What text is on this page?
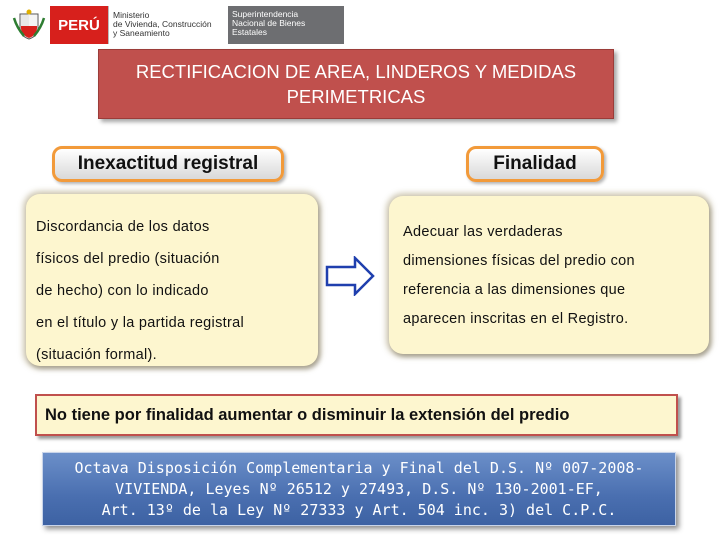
PERÚ
Ministerio
de Vivienda, Construcción
y Saneamiento
Superintendencia
Nacional de Bienes
Estatales
RECTIFICACION DE AREA, LINDEROS Y MEDIDAS
PERIMETRICAS
Inexactitud registral	Finalidad
Discordancia de los datos
físicos del predio (situación
de hecho) con lo indicado
en el título y la partida registral
(situación formal).
Adecuar las verdaderas
dimensiones físicas del predio con
referencia a las dimensiones que
aparecen inscritas en el Registro.
No tiene por finalidad aumentar o disminuir la extensión del predio
Octava Disposición Complementaria y Final del D.S. Nº 007-2008-
VIVIENDA, Leyes Nº 26512 y 27493, D.S. Nº 130-2001-EF,
Art. 13º de la Ley Nº 27333 y Art. 504 inc. 3) del C.P.C.
